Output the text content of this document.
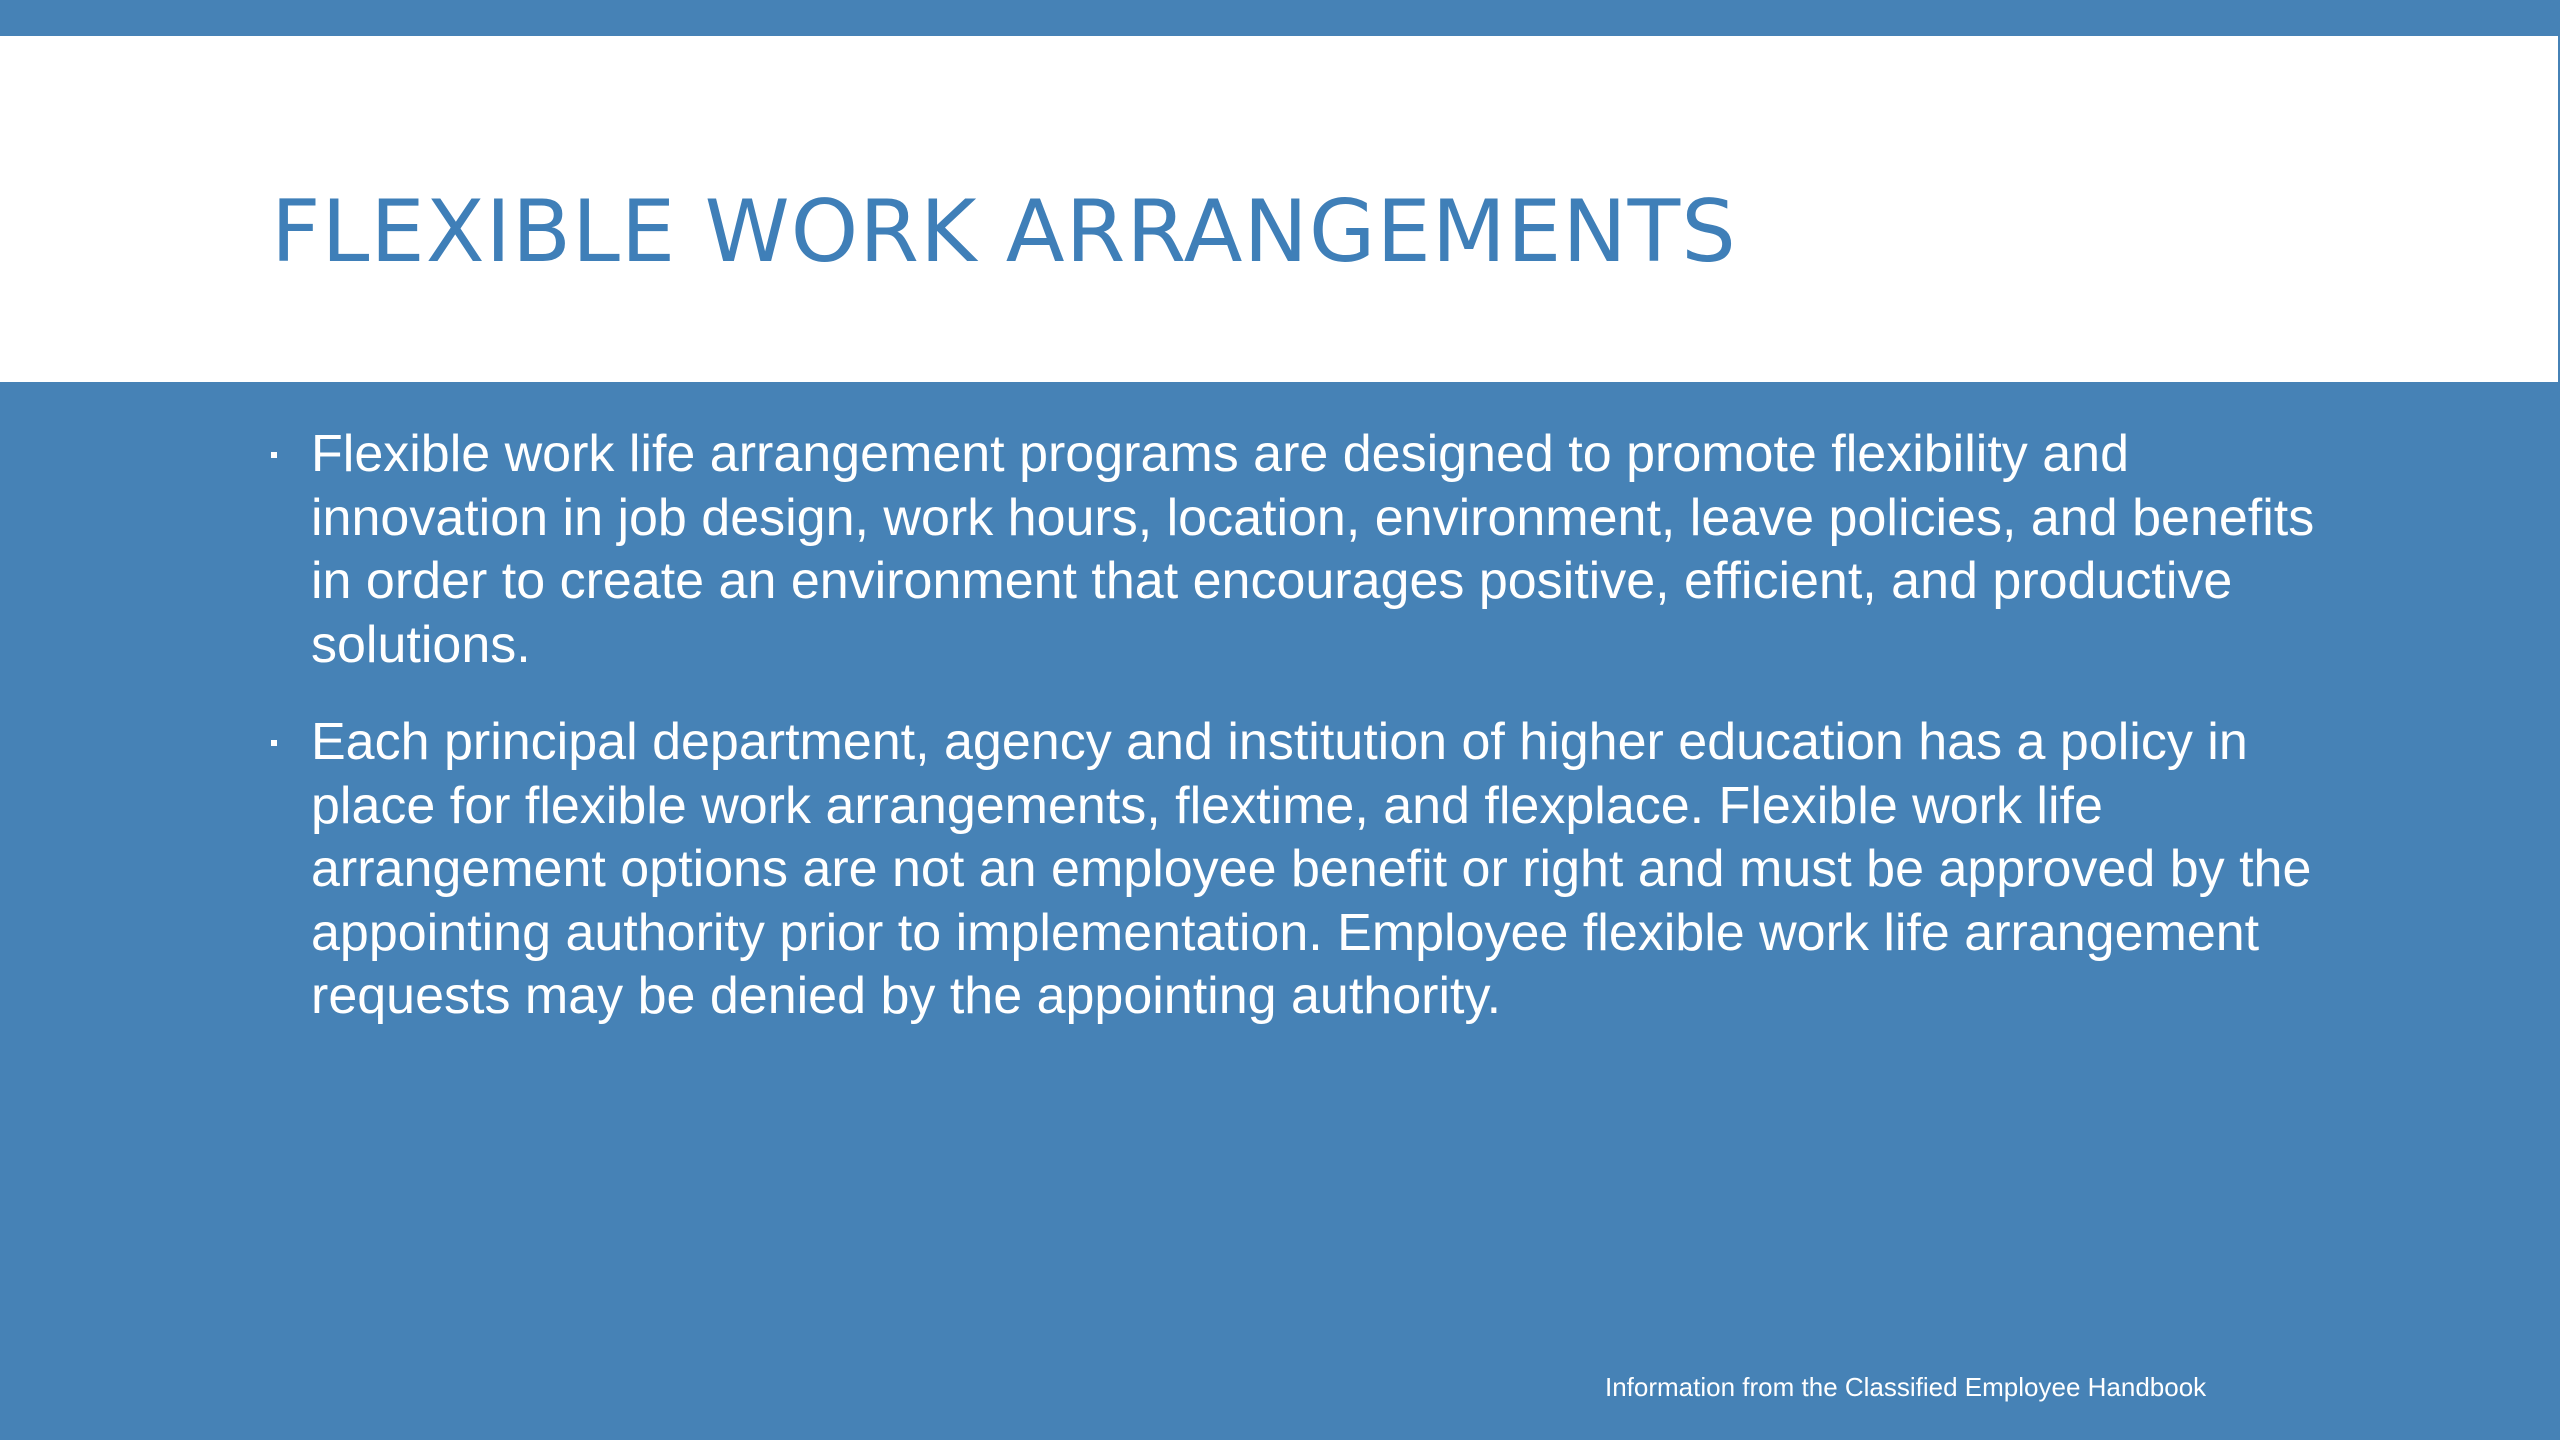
FLEXIBLE WORK ARRANGEMENTS
Flexible work life arrangement programs are designed to promote flexibility and innovation in job design, work hours, location, environment, leave policies, and benefits in order to create an environment that encourages positive, efficient, and productive solutions.
Each principal department, agency and institution of higher education has a policy in place for flexible work arrangements, flextime, and flexplace. Flexible work life arrangement options are not an employee benefit or right and must be approved by the appointing authority prior to implementation. Employee flexible work life arrangement requests may be denied by the appointing authority.

Information from the Classified Employee Handbook
